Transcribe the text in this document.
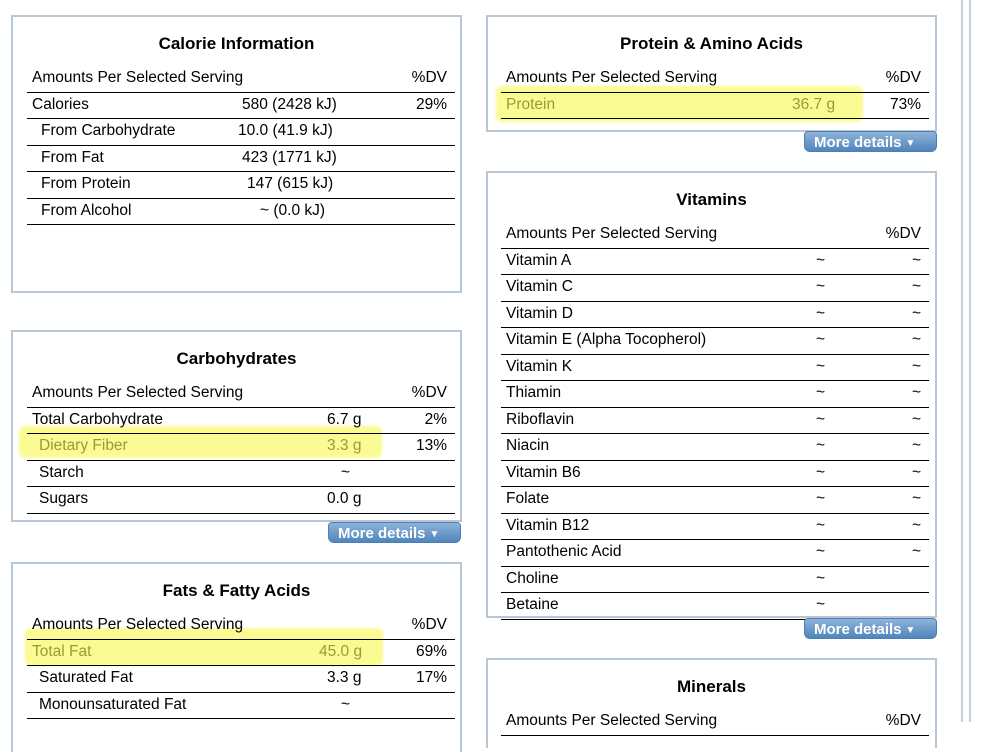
Calorie Information
Amounts Per Selected Serving	%DV
Calories	580 (2428 kJ)	29%
From Carbohydrate	10.0 (41.9 kJ)
From Fat	423 (1771 kJ)
From Protein	147 (615 kJ)
From Alcohol	~ (0.0 kJ)
Carbohydrates
Amounts Per Selected Serving	%DV
Total Carbohydrate	6.7 g	2%
Dietary Fiber	3.3 g	13%
Starch	~
Sugars	0.0 g
More details ▼
Fats & Fatty Acids
Amounts Per Selected Serving	%DV
Total Fat	45.0 g	69%
Saturated Fat	3.3 g	17%
Monounsaturated Fat	~
Protein & Amino Acids
Amounts Per Selected Serving	%DV
Protein	36.7 g	73%
More details ▼
Vitamins
Amounts Per Selected Serving	%DV
Vitamin A	~	~
Vitamin C	~	~
Vitamin D	~	~
Vitamin E (Alpha Tocopherol)	~	~
Vitamin K	~	~
Thiamin	~	~
Riboflavin	~	~
Niacin	~	~
Vitamin B6	~	~
Folate	~	~
Vitamin B12	~	~
Pantothenic Acid	~	~
Choline	~
Betaine	~
More details ▼
Minerals
Amounts Per Selected Serving	%DV
